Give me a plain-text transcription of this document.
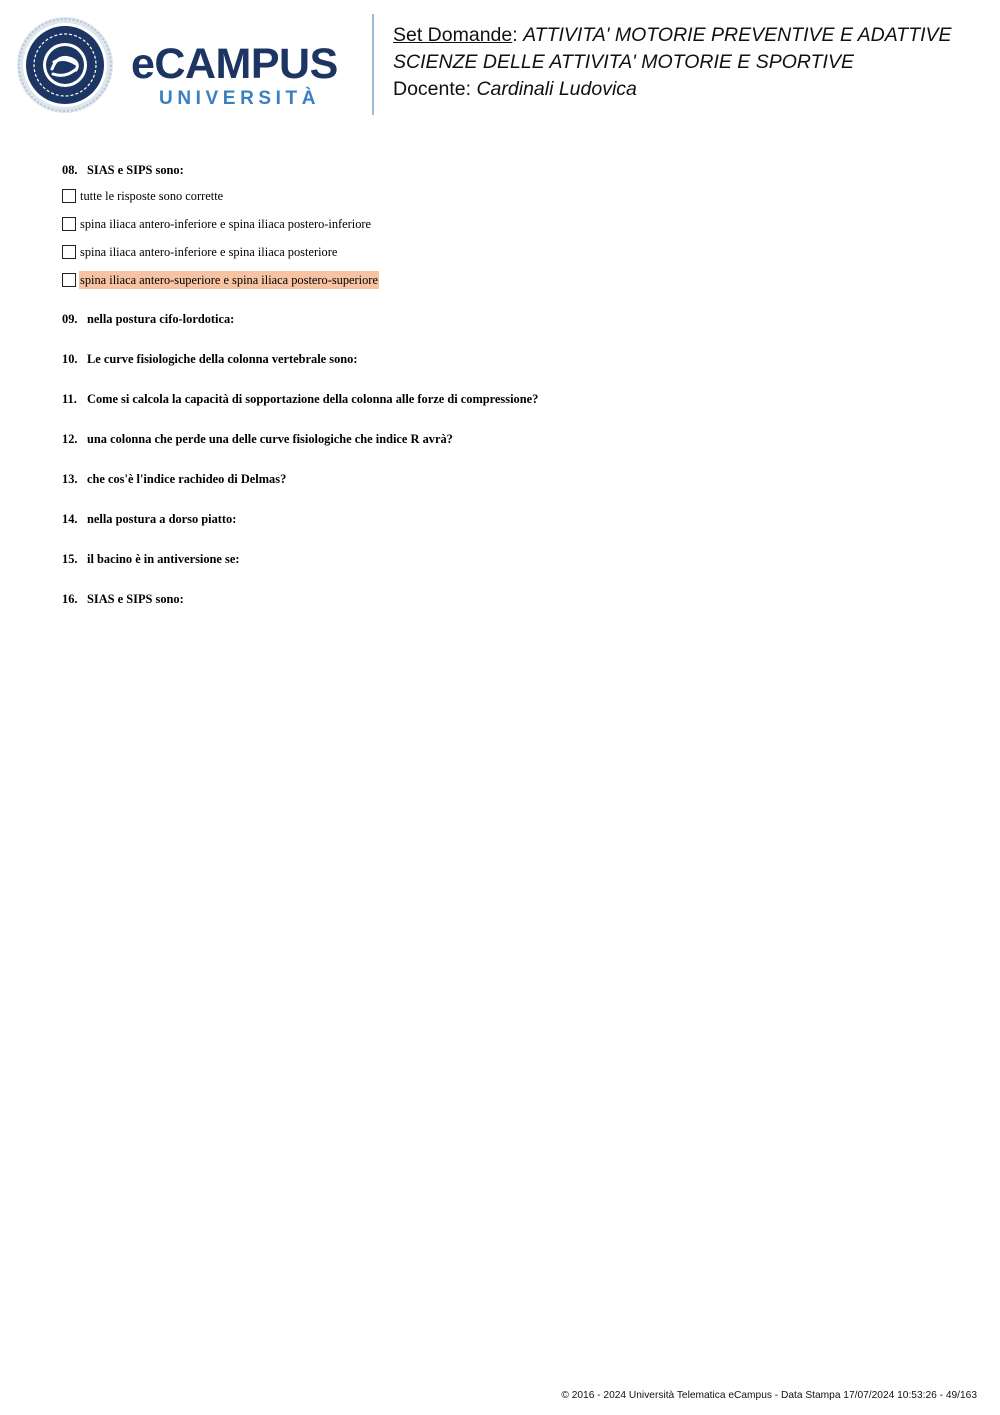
eCAMPUS
UNIVERSITÀ
Set Domande: ATTIVITA' MOTORIE PREVENTIVE E ADATTIVE
SCIENZE DELLE ATTIVITA' MOTORIE E SPORTIVE
Docente: Cardinali Ludovica
08. SIAS e SIPS sono:
tutte le risposte sono corrette
spina iliaca antero-inferiore e spina iliaca postero-inferiore
spina iliaca antero-inferiore e spina iliaca posteriore
spina iliaca antero-superiore e spina iliaca postero-superiore
09. nella postura cifo-lordotica:
10. Le curve fisiologiche della colonna vertebrale sono:
11. Come si calcola la capacità di sopportazione della colonna alle forze di compressione?
12. una colonna che perde una delle curve fisiologiche che indice R avrà?
13. che cos'è l'indice rachideo di Delmas?
14. nella postura a dorso piatto:
15. il bacino è in antiversione se:
16. SIAS e SIPS sono:
© 2016 - 2024 Università Telematica eCampus - Data Stampa 17/07/2024 10:53:26 - 49/163
